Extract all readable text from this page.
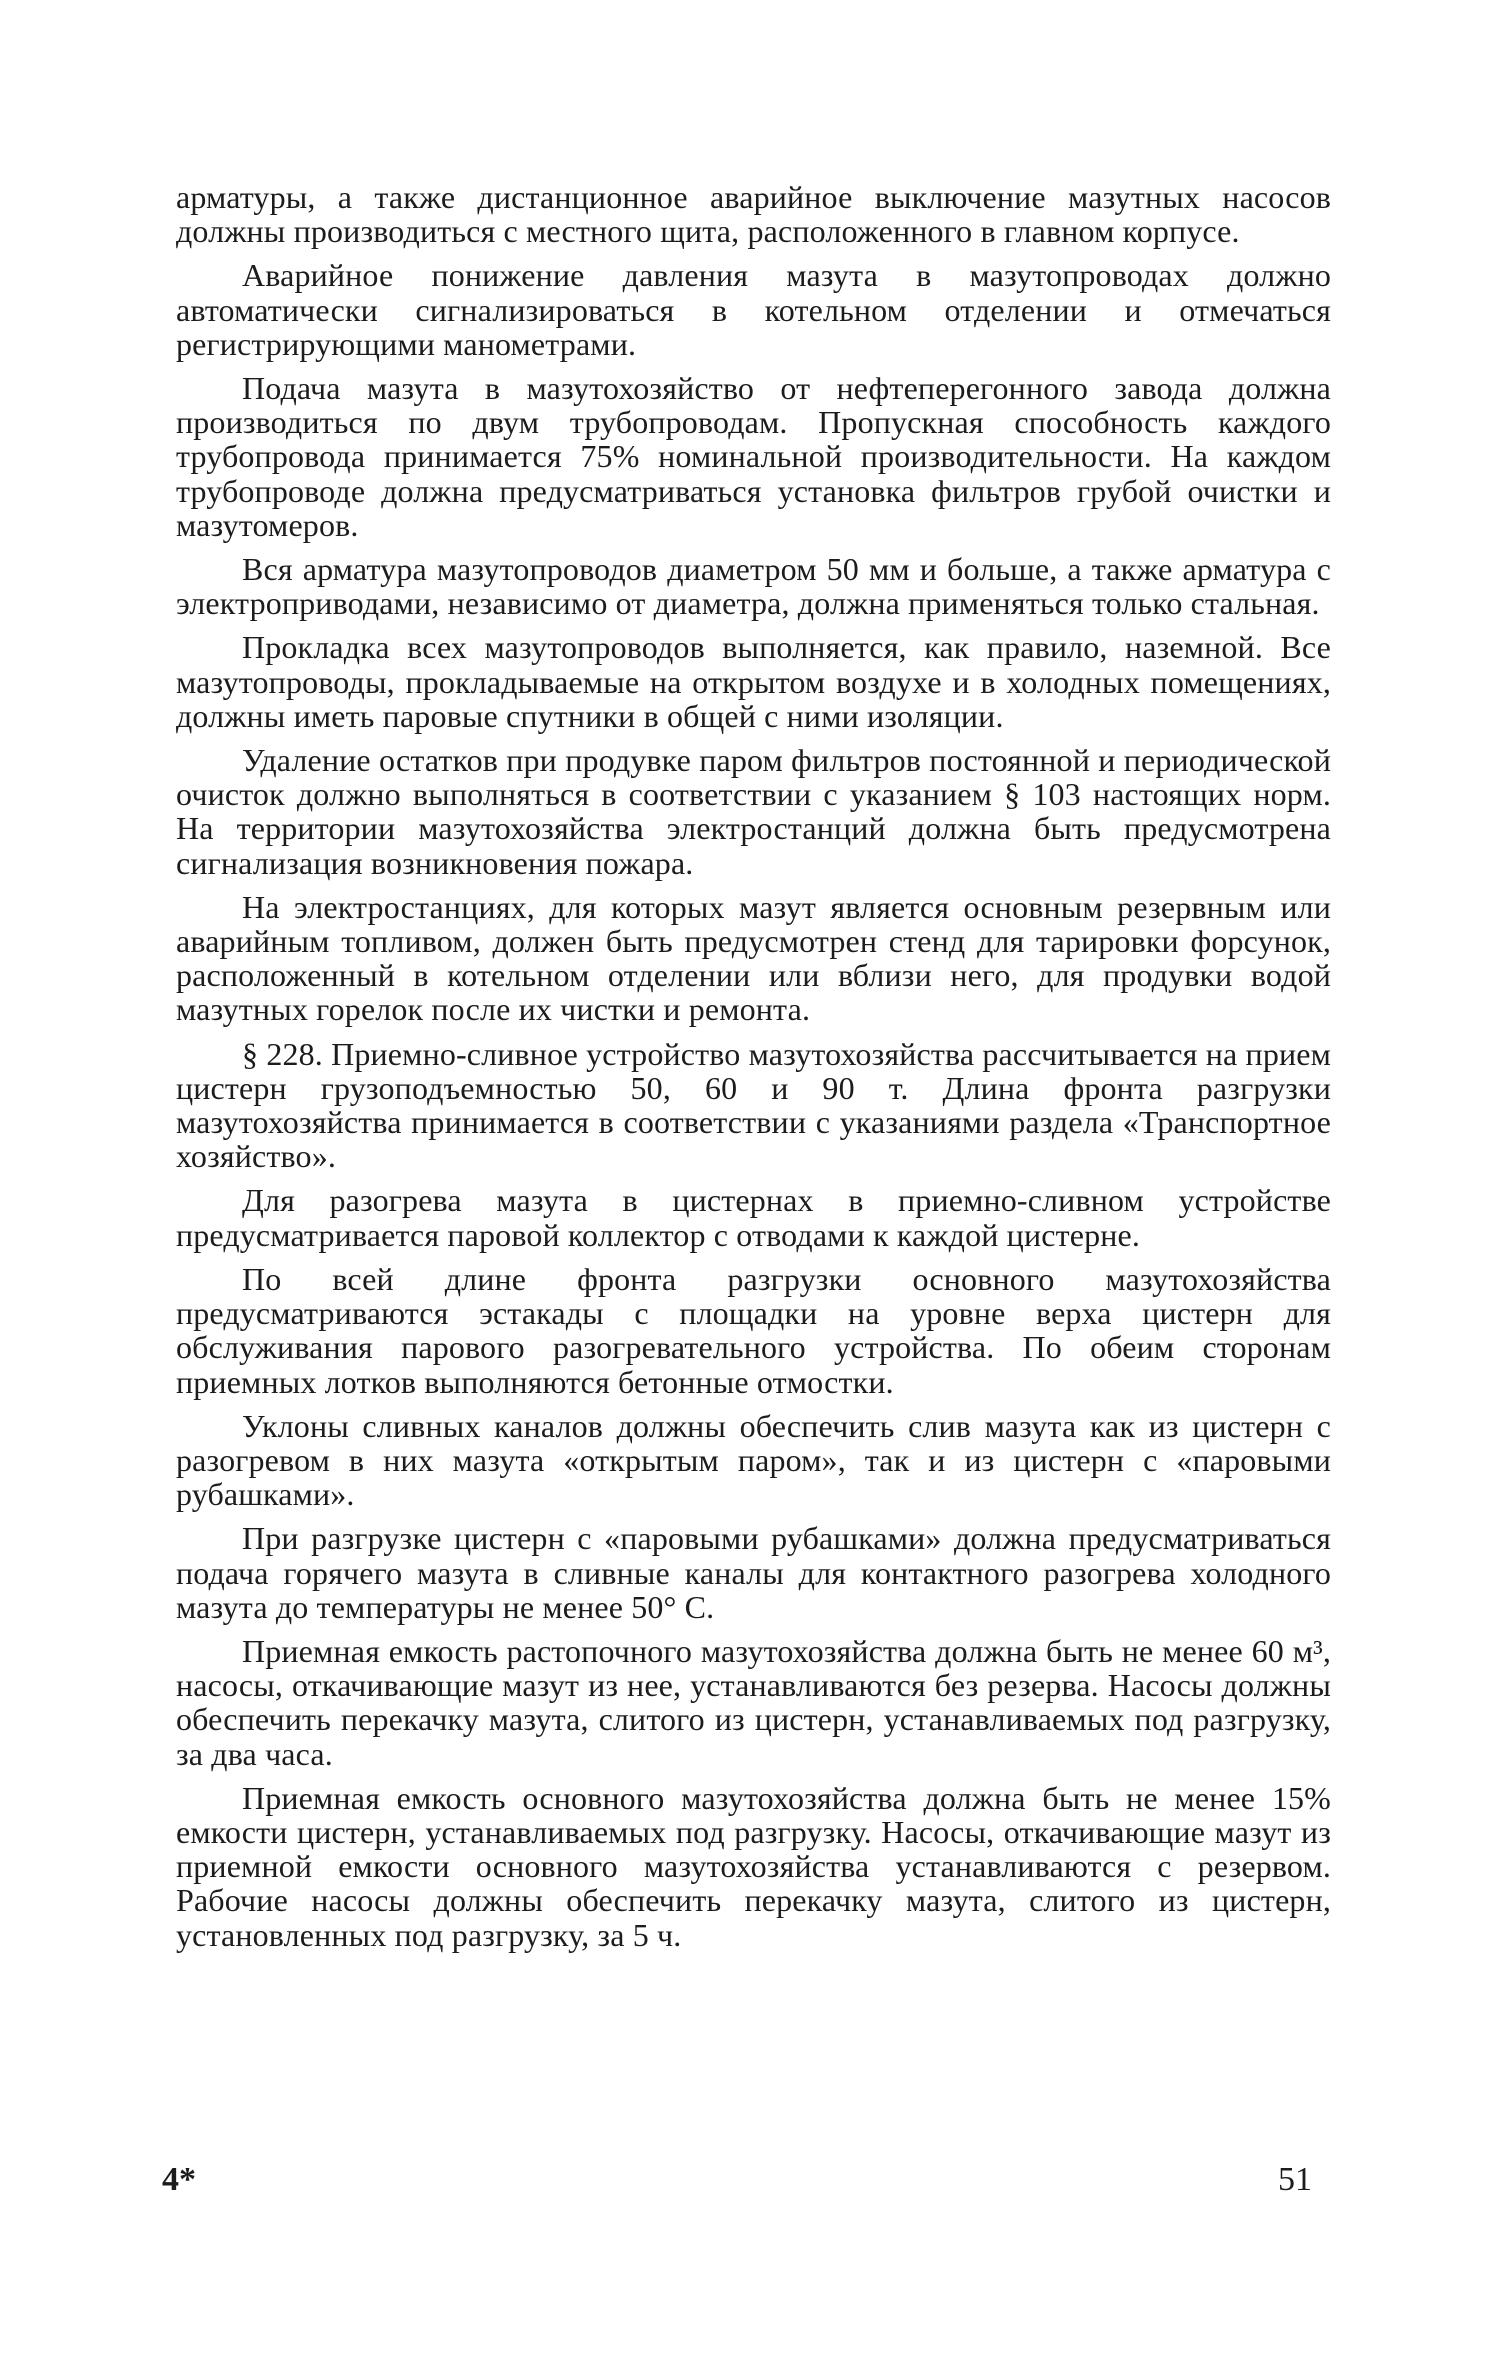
арматуры, а также дистанционное аварийное выключение мазутных насосов должны производиться с местного щита, расположенного в главном корпусе.

Аварийное понижение давления мазута в мазутопроводах должно автоматически сигнализироваться в котельном отделении и отмечаться регистрирующими манометрами.

Подача мазута в мазутохозяйство от нефтеперегонного завода должна производиться по двум трубопроводам. Пропускная способность каждого трубопровода принимается 75% номинальной производительности. На каждом трубопроводе должна предусматриваться установка фильтров грубой очистки и мазутомеров.

Вся арматура мазутопроводов диаметром 50 мм и больше, а также арматура с электроприводами, независимо от диаметра, должна применяться только стальная.

Прокладка всех мазутопроводов выполняется, как правило, наземной. Все мазутопроводы, прокладываемые на открытом воздухе и в холодных помещениях, должны иметь паровые спутники в общей с ними изоляции.

Удаление остатков при продувке паром фильтров постоянной и периодической очисток должно выполняться в соответствии с указанием § 103 настоящих норм. На территории мазутохозяйства электростанций должна быть предусмотрена сигнализация возникновения пожара.

На электростанциях, для которых мазут является основным резервным или аварийным топливом, должен быть предусмотрен стенд для тарировки форсунок, расположенный в котельном отделении или вблизи него, для продувки водой мазутных горелок после их чистки и ремонта.

§ 228. Приемно-сливное устройство мазутохозяйства рассчитывается на прием цистерн грузоподъемностью 50, 60 и 90 т. Длина фронта разгрузки мазутохозяйства принимается в соответствии с указаниями раздела «Транспортное хозяйство».

Для разогрева мазута в цистернах в приемно-сливном устройстве предусматривается паровой коллектор с отводами к каждой цистерне.

По всей длине фронта разгрузки основного мазутохозяйства предусматриваются эстакады с площадки на уровне верха цистерн для обслуживания парового разогревательного устройства. По обеим сторонам приемных лотков выполняются бетонные отмостки.

Уклоны сливных каналов должны обеспечить слив мазута как из цистерн с разогревом в них мазута «открытым паром», так и из цистерн с «паровыми рубашками».

При разгрузке цистерн с «паровыми рубашками» должна предусматриваться подача горячего мазута в сливные каналы для контактного разогрева холодного мазута до температуры не менее 50° С.

Приемная емкость растопочного мазутохозяйства должна быть не менее 60 м³, насосы, откачивающие мазут из нее, устанавливаются без резерва. Насосы должны обеспечить перекачку мазута, слитого из цистерн, устанавливаемых под разгрузку, за два часа.

Приемная емкость основного мазутохозяйства должна быть не менее 15% емкости цистерн, устанавливаемых под разгрузку. Насосы, откачивающие мазут из приемной емкости основного мазутохозяйства устанавливаются с резервом. Рабочие насосы должны обеспечить перекачку мазута, слитого из цистерн, установленных под разгрузку, за 5 ч.

4*	51
